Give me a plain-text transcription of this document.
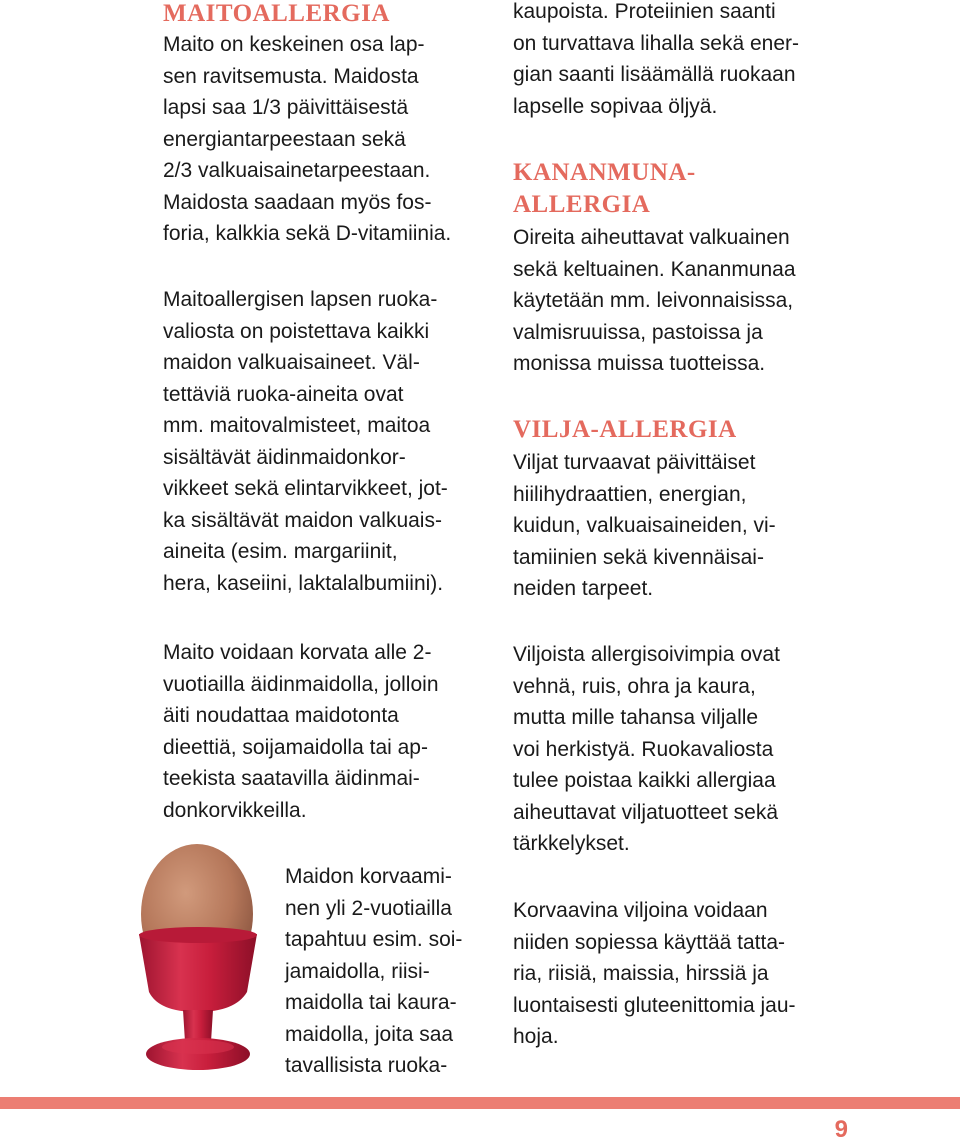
MAITOALLERGIA

Maito on keskeinen osa lap-
sen ravitsemusta. Maidosta
lapsi saa 1/3 päivittäisestä
energiantarpeestaan sekä
2/3 valkuaisainetarpeestaan.
Maidosta saadaan myös fos-
foria, kalkkia sekä D-vitamiinia.

Maitoallergisen lapsen ruoka-
valiosta on poistettava kaikki
maidon valkuaisaineet. Väl-
tettäviä ruoka-aineita ovat
mm. maitovalmisteet, maitoa
sisältävät äidinmaidonkor-
vikkeet sekä elintarvikkeet, jot-
ka sisältävät maidon valkuais-
aineita (esim. margariinit,
hera, kaseiini, laktalalbumiini).

Maito voidaan korvata alle 2-
vuotiailla äidinmaidolla, jolloin
äiti noudattaa maidotonta
dieettiä, soijamaidolla tai ap-
teekista saatavilla äidinmai-
donkorvikkeilla.

Maidon korvaami-
nen yli 2-vuotiailla
tapahtuu esim. soi-
jamaidolla, riisi-
maidolla tai kaura-
maidolla, joita saa
tavallisista ruoka-

kaupoista. Proteiinien saanti
on turvattava lihalla sekä ener-
gian saanti lisäämällä ruokaan
lapselle sopivaa öljyä.

KANANMUNA-
ALLERGIA

Oireita aiheuttavat valkuainen
sekä keltuainen. Kananmunaa
käytetään mm. leivonnaisissa,
valmisruuissa, pastoissa ja
monissa muissa tuotteissa.

VILJA-ALLERGIA

Viljat turvaavat päivittäiset
hiilihydraattien, energian,
kuidun, valkuaisaineiden, vi-
tamiinien sekä kivennäisai-
neiden tarpeet.

Viljoista allergisoivimpia ovat
vehnä, ruis, ohra ja kaura,
mutta mille tahansa viljalle
voi herkistyä. Ruokavaliosta
tulee poistaa kaikki allergiaa
aiheuttavat viljatuotteet sekä
tärkkelykset.

Korvaavina viljoina voidaan
niiden sopiessa käyttää tatta-
ria, riisiä, maissia, hirssiä ja
luontaisesti gluteenittomia jau-
hoja.

9
